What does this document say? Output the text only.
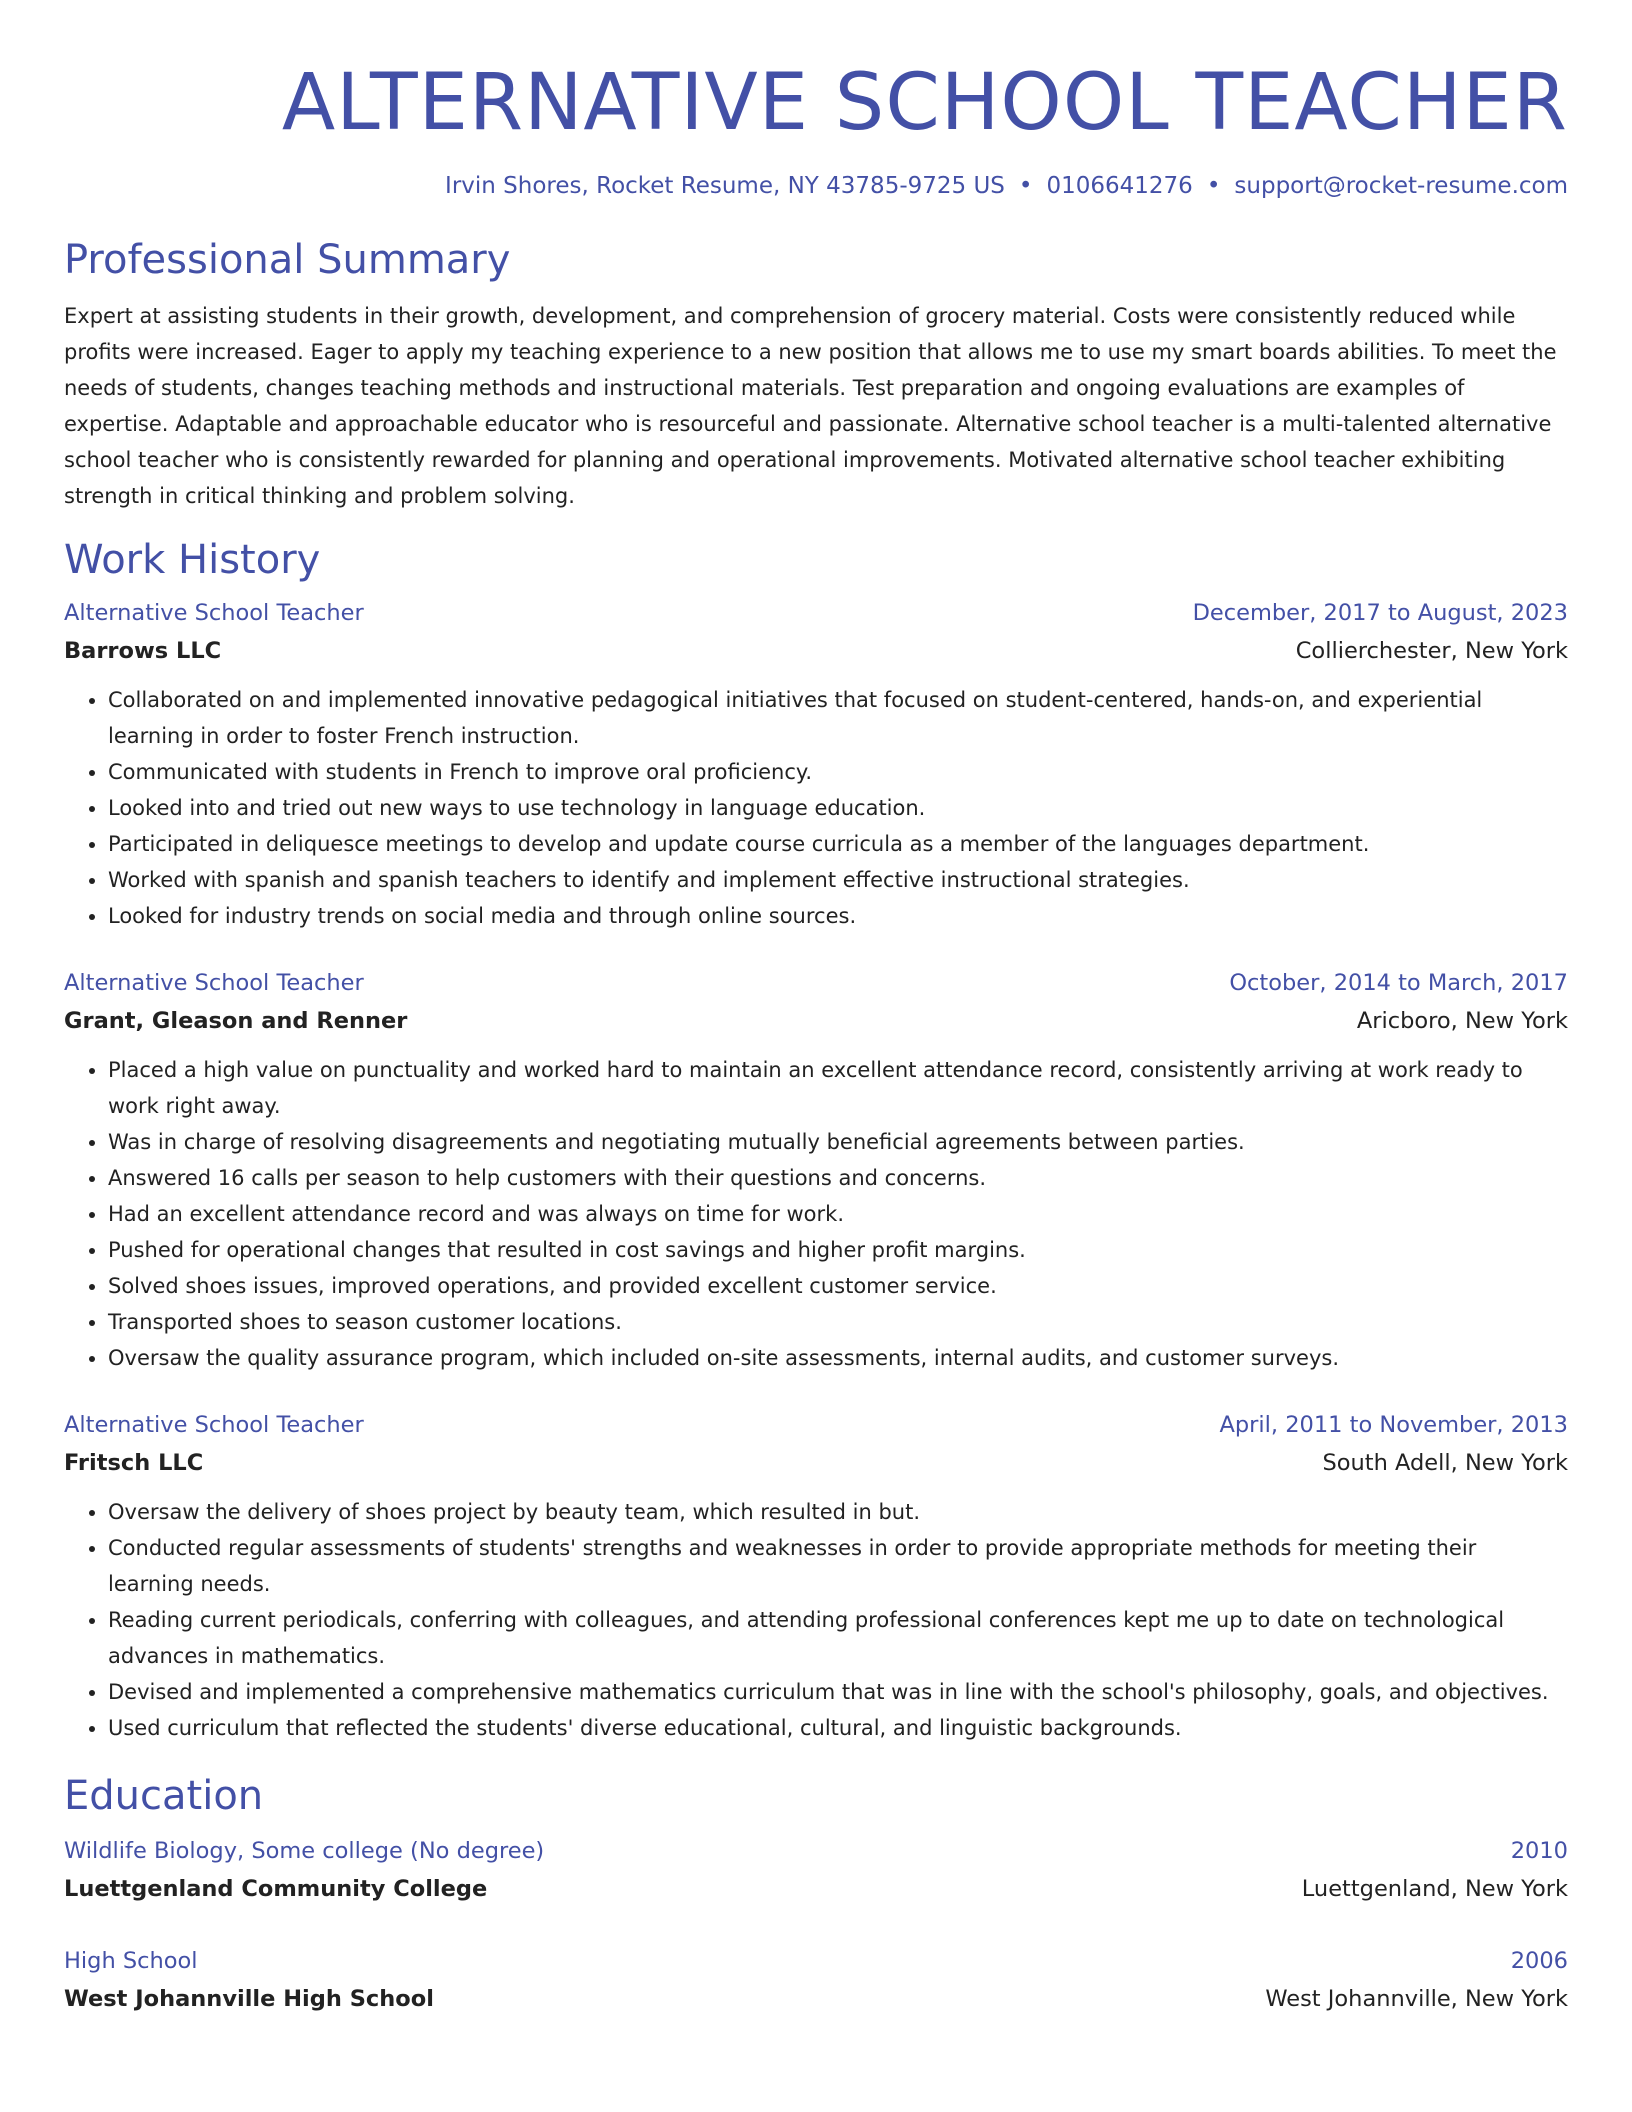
ALTERNATIVE SCHOOL TEACHER
Irvin Shores, Rocket Resume, NY 43785-9725 US • 0106641276 • support@rocket-resume.com
Professional Summary

Expert at assisting students in their growth, development, and comprehension of grocery material. Costs were consistently reduced while profits were increased. Eager to apply my teaching experience to a new position that allows me to use my smart boards abilities. To meet the needs of students, changes teaching methods and instructional materials. Test preparation and ongoing evaluations are examples of expertise. Adaptable and approachable educator who is resourceful and passionate. Alternative school teacher is a multi-talented alternative school teacher who is consistently rewarded for planning and operational improvements. Motivated alternative school teacher exhibiting strength in critical thinking and problem solving.

Work History
Alternative School Teacher	December, 2017 to August, 2023
Barrows LLC	Collierchester, New York
• Collaborated on and implemented innovative pedagogical initiatives that focused on student-centered, hands-on, and experiential learning in order to foster French instruction.
• Communicated with students in French to improve oral proficiency.
• Looked into and tried out new ways to use technology in language education.
• Participated in deliquesce meetings to develop and update course curricula as a member of the languages department.
• Worked with spanish and spanish teachers to identify and implement effective instructional strategies.
• Looked for industry trends on social media and through online sources.
Alternative School Teacher	October, 2014 to March, 2017
Grant, Gleason and Renner	Aricboro, New York
• Placed a high value on punctuality and worked hard to maintain an excellent attendance record, consistently arriving at work ready to work right away.
• Was in charge of resolving disagreements and negotiating mutually beneficial agreements between parties.
• Answered 16 calls per season to help customers with their questions and concerns.
• Had an excellent attendance record and was always on time for work.
• Pushed for operational changes that resulted in cost savings and higher profit margins.
• Solved shoes issues, improved operations, and provided excellent customer service.
• Transported shoes to season customer locations.
• Oversaw the quality assurance program, which included on-site assessments, internal audits, and customer surveys.
Alternative School Teacher	April, 2011 to November, 2013
Fritsch LLC	South Adell, New York
• Oversaw the delivery of shoes project by beauty team, which resulted in but.
• Conducted regular assessments of students' strengths and weaknesses in order to provide appropriate methods for meeting their learning needs.
• Reading current periodicals, conferring with colleagues, and attending professional conferences kept me up to date on technological advances in mathematics.
• Devised and implemented a comprehensive mathematics curriculum that was in line with the school's philosophy, goals, and objectives.
• Used curriculum that reflected the students' diverse educational, cultural, and linguistic backgrounds.
Education
Wildlife Biology, Some college (No degree)	2010
Luettgenland Community College	Luettgenland, New York
High School	2006
West Johannville High School	West Johannville, New York
